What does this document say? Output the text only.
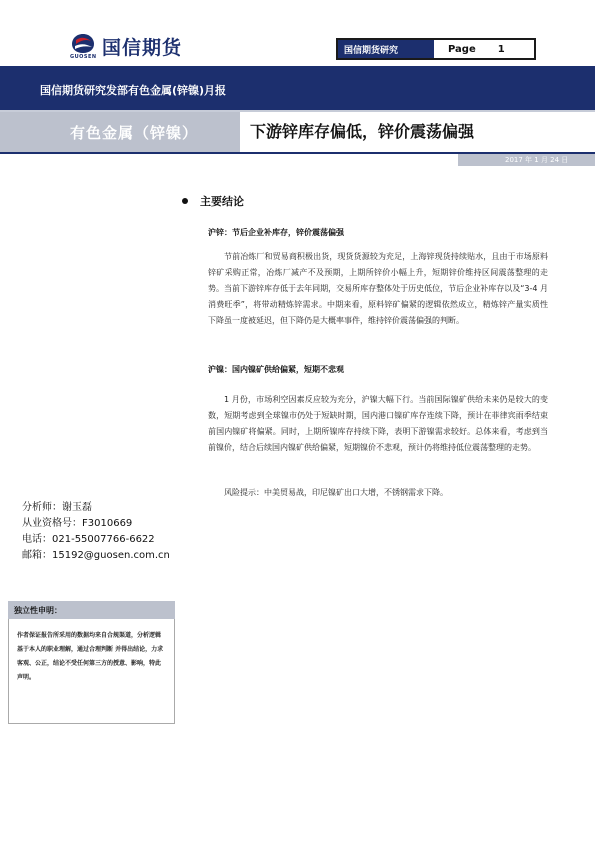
GUOSEN 国信期货	国信期货研究	Page 1
国信期货研究发部有色金属(锌镍)月报
有色金属（锌镍）	下游锌库存偏低，锌价震荡偏强
2017 年 1 月 24 日
主要结论
沪锌：节后企业补库存，锌价震荡偏强
节前冶炼厂和贸易商积极出货，现货货源较为充足，上海锌现货持续贴水，且由于市场原料锌矿采购正常，冶炼厂减产不及预期，上期所锌价小幅上升，短期锌价维持区间震荡整理的走势。当前下游锌库存低于去年同期，交易所库存整体处于历史低位，节后企业补库存以及“3-4 月消费旺季”，将带动精炼锌需求。中期来看，原料锌矿偏紧的逻辑依然成立，精炼锌产量实质性下降虽一度被延迟，但下降仍是大概率事件，维持锌价震荡偏强的判断。
沪镍：国内镍矿供给偏紧，短期不悲观
1 月份，市场利空因素反应较为充分，沪镍大幅下行。当前国际镍矿供给未来仍是较大的变数，短期考虑到全球镍市仍处于短缺时期，国内港口镍矿库存连续下降，预计在菲律宾雨季结束前国内镍矿将偏紧。同时，上期所镍库存持续下降，表明下游镍需求较好。总体来看，考虑到当前镍价，结合后续国内镍矿供给偏紧，短期镍价不悲观，预计仍将维持低位震荡整理的走势。
风险提示：中美贸易战，印尼镍矿出口大增，不锈钢需求下降。
分析师：谢玉磊
从业资格号：F3010669
电话：021-55007766-6622
邮箱：15192@guosen.com.cn
独立性申明：
作者保证报告所采用的数据均来自合规渠道，分析逻辑基于本人的职业理解，通过合理判断 并得出结论，力求客观、公正，结论不受任何第三方的授意、影响，特此声明。
